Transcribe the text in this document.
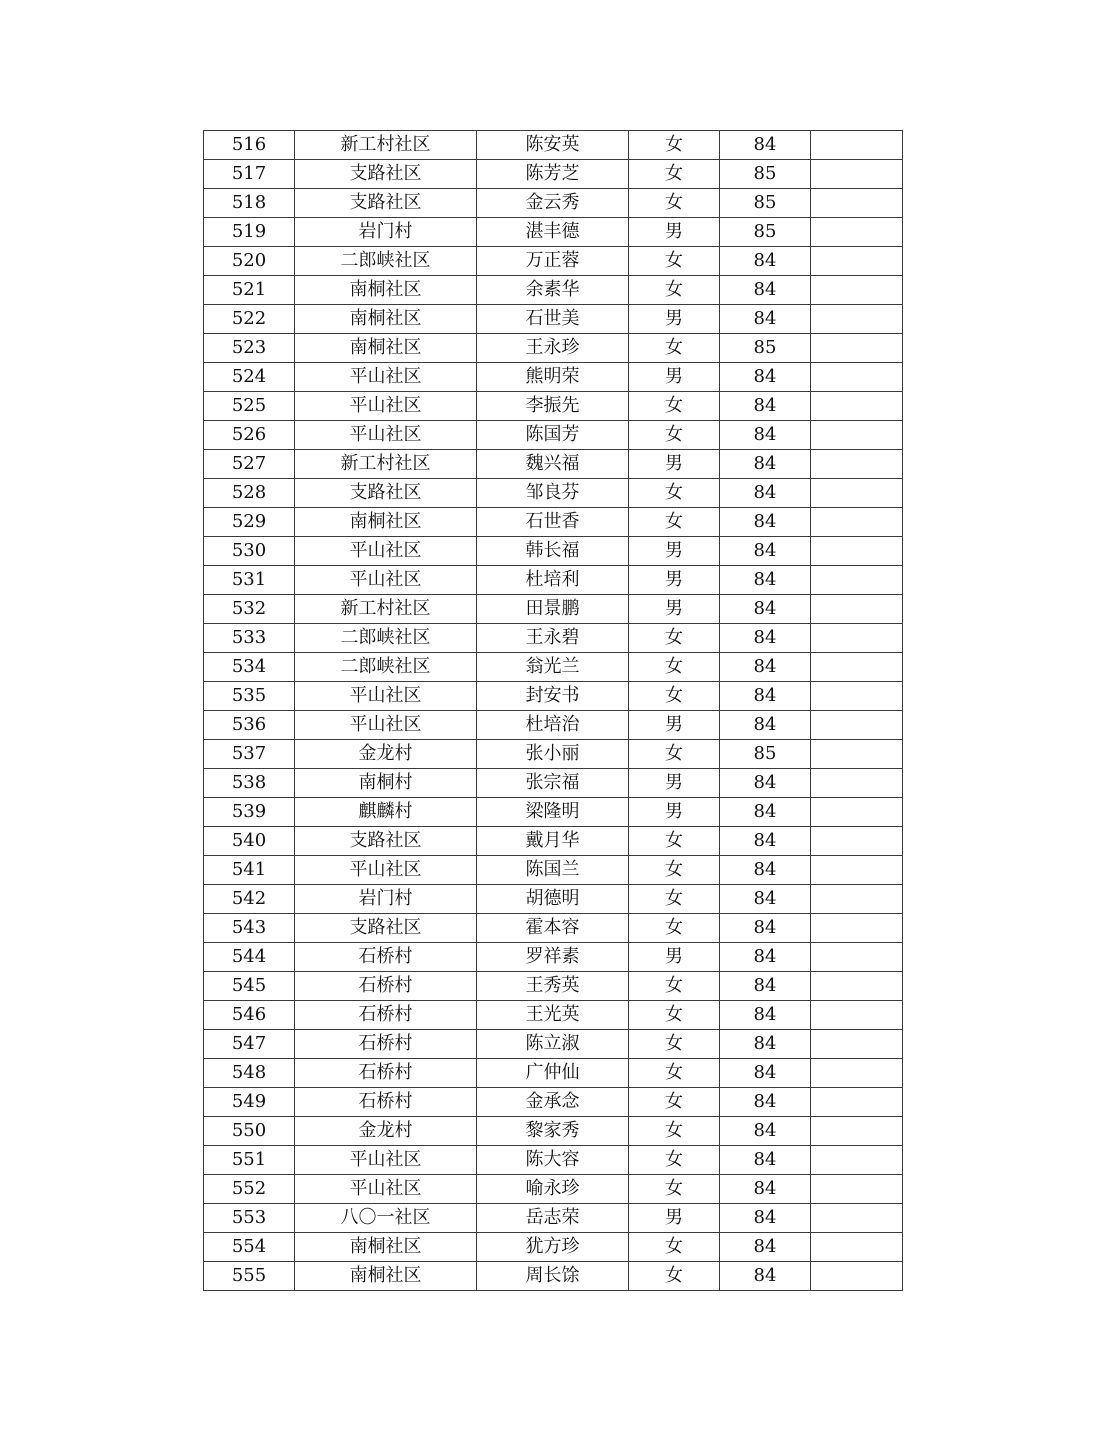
516	新工村社区	陈安英	女	84	
517	支路社区	陈芳芝	女	85	
518	支路社区	金云秀	女	85	
519	岩门村	湛丰德	男	85	
520	二郎峡社区	万正蓉	女	84	
521	南桐社区	余素华	女	84	
522	南桐社区	石世美	男	84	
523	南桐社区	王永珍	女	85	
524	平山社区	熊明荣	男	84	
525	平山社区	李振先	女	84	
526	平山社区	陈国芳	女	84	
527	新工村社区	魏兴福	男	84	
528	支路社区	邹良芬	女	84	
529	南桐社区	石世香	女	84	
530	平山社区	韩长福	男	84	
531	平山社区	杜培利	男	84	
532	新工村社区	田景鹏	男	84	
533	二郎峡社区	王永碧	女	84	
534	二郎峡社区	翁光兰	女	84	
535	平山社区	封安书	女	84	
536	平山社区	杜培治	男	84	
537	金龙村	张小丽	女	85	
538	南桐村	张宗福	男	84	
539	麒麟村	梁隆明	男	84	
540	支路社区	戴月华	女	84	
541	平山社区	陈国兰	女	84	
542	岩门村	胡德明	女	84	
543	支路社区	霍本容	女	84	
544	石桥村	罗祥素	男	84	
545	石桥村	王秀英	女	84	
546	石桥村	王光英	女	84	
547	石桥村	陈立淑	女	84	
548	石桥村	广仲仙	女	84	
549	石桥村	金承念	女	84	
550	金龙村	黎家秀	女	84	
551	平山社区	陈大容	女	84	
552	平山社区	喻永珍	女	84	
553	八〇一社区	岳志荣	男	84	
554	南桐社区	犹方珍	女	84	
555	南桐社区	周长馀	女	84	
